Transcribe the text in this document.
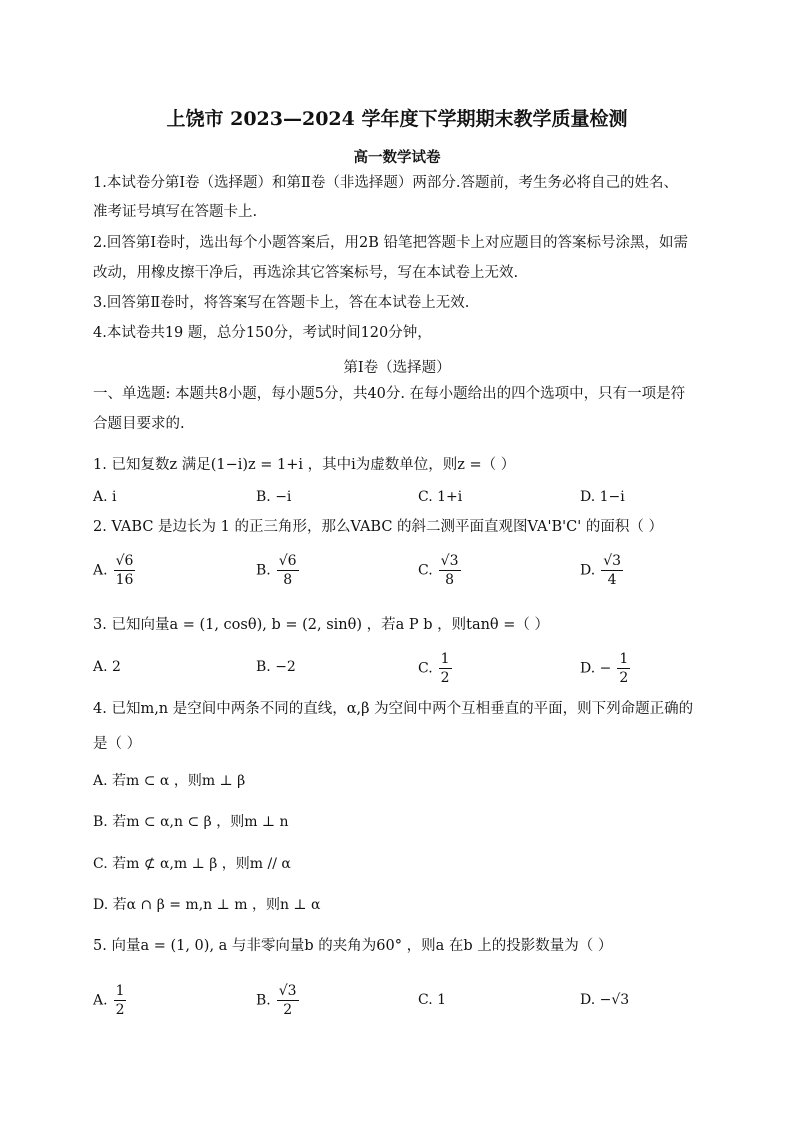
上饶市 2023—2024 学年度下学期期末教学质量检测
高一数学试卷
1.本试卷分第Ⅰ卷（选择题）和第Ⅱ卷（非选择题）两部分.答题前，考生务必将自己的姓名、
准考证号填写在答题卡上.
2.回答第Ⅰ卷时，选出每个小题答案后，用2B 铅笔把答题卡上对应题目的答案标号涂黑，如需
改动，用橡皮擦干净后，再选涂其它答案标号，写在本试卷上无效.
3.回答第Ⅱ卷时，将答案写在答题卡上，答在本试卷上无效.
4.本试卷共19 题，总分150分，考试时间120分钟，
第Ⅰ卷（选择题）
一、单选题: 本题共8小题，每小题5分，共40分. 在每小题给出的四个选项中，只有一项是符
合题目要求的.
1. 已知复数z 满足(1−i)z = 1+i ，其中i为虚数单位，则z =（ ）
A. i	B. −i	C. 1+i	D. 1−i
2. VABC 是边长为 1 的正三角形，那么VABC 的斜二测平面直观图VA'B'C' 的面积（ ）
A. $\frac{√6}{16}$	B. $\frac{√6}{8}$	C. $\frac{√3}{8}$	D. $\frac{√3}{4}$
3. 已知向量a = (1, cosθ), b = (2, sinθ) ，若a P b ，则tanθ =（ ）
A. 2	B. −2	C. $\frac{1}{2}$	D. − $\frac{1}{2}$
4. 已知m,n 是空间中两条不同的直线，α,β 为空间中两个互相垂直的平面，则下列命题正确的
是（ ）
A. 若m ⊂ α ，则m ⊥ β
B. 若m ⊂ α,n ⊂ β ，则m ⊥ n
C. 若m ⊄ α,m ⊥ β ，则m // α
D. 若α ∩ β = m,n ⊥ m ，则n ⊥ α
5. 向量a = (1, 0), a 与非零向量b 的夹角为60° ，则a 在b 上的投影数量为（ ）
A. $\frac{1}{2}$	B. $\frac{√3}{2}$	C. 1	D. −√3
